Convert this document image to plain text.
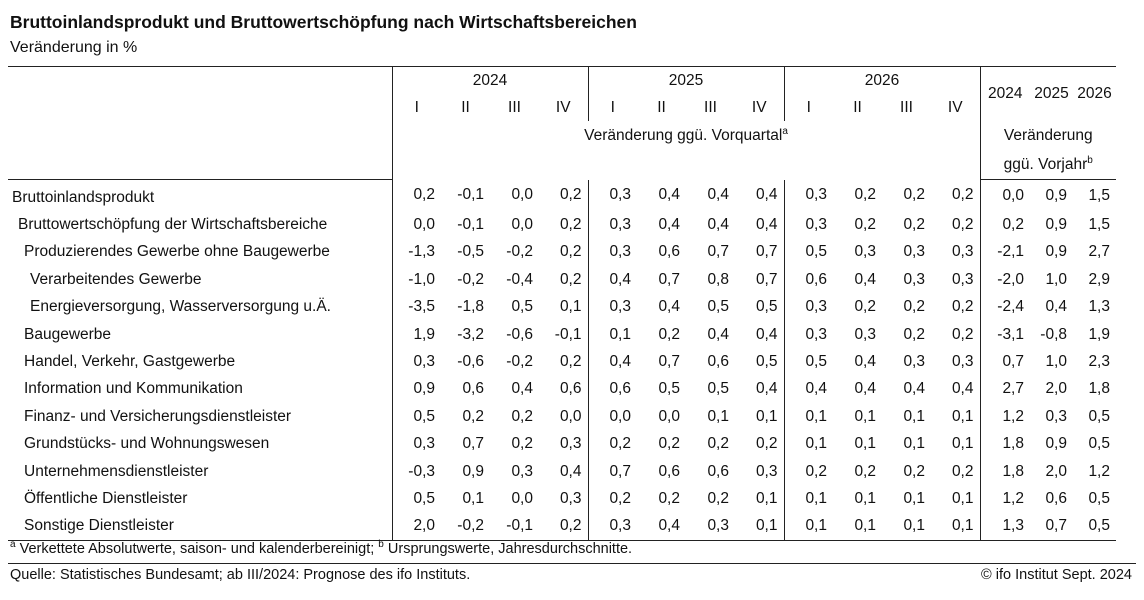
Bruttoinlandsprodukt und Bruttowertschöpfung nach Wirtschaftsbereichen
Veränderung in %
	2024				2025				2026				2024	2025	2026
	I	II	III	IV	I	II	III	IV	I	II	III	IV			
	Veränderung ggü. Vorquartal$^a$												Veränderung		
													ggü. Vorjahr$^b$
Bruttoinlandsprodukt	0,2	-0,1	0,0	0,2	0,3	0,4	0,4	0,4	0,3	0,2	0,2	0,2	0,0	0,9	1,5
Bruttowertschöpfung der Wirtschaftsbereiche	0,0	-0,1	0,0	0,2	0,3	0,4	0,4	0,4	0,3	0,2	0,2	0,2	0,2	0,9	1,5
Produzierendes Gewerbe ohne Baugewerbe	-1,3	-0,5	-0,2	0,2	0,3	0,6	0,7	0,7	0,5	0,3	0,3	0,3	-2,1	0,9	2,7
Verarbeitendes Gewerbe	-1,0	-0,2	-0,4	0,2	0,4	0,7	0,8	0,7	0,6	0,4	0,3	0,3	-2,0	1,0	2,9
Energieversorgung, Wasserversorgung u.Ä.	-3,5	-1,8	0,5	0,1	0,3	0,4	0,5	0,5	0,3	0,2	0,2	0,2	-2,4	0,4	1,3
Baugewerbe	1,9	-3,2	-0,6	-0,1	0,1	0,2	0,4	0,4	0,3	0,3	0,2	0,2	-3,1	-0,8	1,9
Handel, Verkehr, Gastgewerbe	0,3	-0,6	-0,2	0,2	0,4	0,7	0,6	0,5	0,5	0,4	0,3	0,3	0,7	1,0	2,3
Information und Kommunikation	0,9	0,6	0,4	0,6	0,6	0,5	0,5	0,4	0,4	0,4	0,4	0,4	2,7	2,0	1,8
Finanz- und Versicherungsdienstleister	0,5	0,2	0,2	0,0	0,0	0,0	0,1	0,1	0,1	0,1	0,1	0,1	1,2	0,3	0,5
Grundstücks- und Wohnungswesen	0,3	0,7	0,2	0,3	0,2	0,2	0,2	0,2	0,1	0,1	0,1	0,1	1,8	0,9	0,5
Unternehmensdienstleister	-0,3	0,9	0,3	0,4	0,7	0,6	0,6	0,3	0,2	0,2	0,2	0,2	1,8	2,0	1,2
Öffentliche Dienstleister	0,5	0,1	0,0	0,3	0,2	0,2	0,2	0,1	0,1	0,1	0,1	0,1	1,2	0,6	0,5
Sonstige Dienstleister	2,0	-0,2	-0,1	0,2	0,3	0,4	0,3	0,1	0,1	0,1	0,1	0,1	1,3	0,7	0,5
$^a$ Verkettete Absolutwerte, saison- und kalenderbereinigt; $^b$ Ursprungswerte, Jahresdurchschnitte.
Quelle: Statistisches Bundesamt; ab III/2024: Prognose des ifo Instituts.	© ifo Institut Sept. 2024
